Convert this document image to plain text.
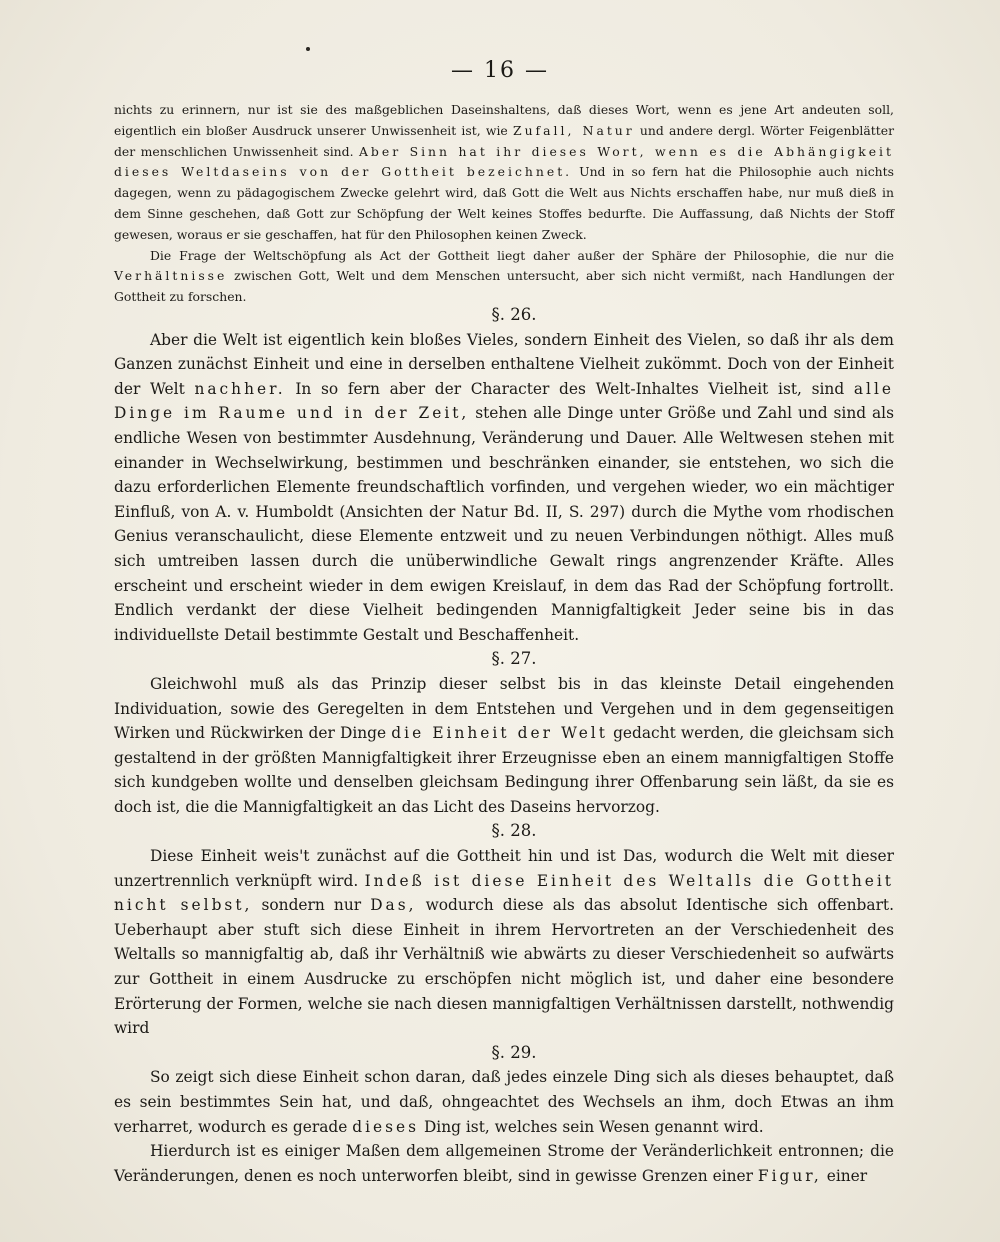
— 16 —

nichts zu erinnern, nur ist sie des maßgeblichen Daseinshaltens, daß dieses Wort, wenn es jene Art andeuten soll, eigentlich ein bloßer Ausdruck unserer Unwissenheit ist, wie Zufall, Natur und andere dergl. Wörter Feigenblätter der menschlichen Unwissenheit sind. Aber Sinn hat ihr dieses Wort, wenn es die Abhängigkeit dieses Weltdaseins von der Gottheit bezeichnet. Und in so fern hat die Philosophie auch nichts dagegen, wenn zu pädagogischem Zwecke gelehrt wird, daß Gott die Welt aus Nichts erschaffen habe, nur muß dieß in dem Sinne geschehen, daß Gott zur Schöpfung der Welt keines Stoffes bedurfte. Die Auffassung, daß Nichts der Stoff gewesen, woraus er sie geschaffen, hat für den Philosophen keinen Zweck.

Die Frage der Weltschöpfung als Act der Gottheit liegt daher außer der Sphäre der Philosophie, die nur die Verhältnisse zwischen Gott, Welt und dem Menschen untersucht, aber sich nicht vermißt, nach Handlungen der Gottheit zu forschen.

§. 26.

Aber die Welt ist eigentlich kein bloßes Vieles, sondern Einheit des Vielen, so daß ihr als dem Ganzen zunächst Einheit und eine in derselben enthaltene Vielheit zukömmt. Doch von der Einheit der Welt nachher. In so fern aber der Character des Welt-Inhaltes Vielheit ist, sind alle Dinge im Raume und in der Zeit, stehen alle Dinge unter Größe und Zahl und sind als endliche Wesen von bestimmter Ausdehnung, Veränderung und Dauer. Alle Weltwesen stehen mit einander in Wechselwirkung, bestimmen und beschränken einander, sie entstehen, wo sich die dazu erforderlichen Elemente freundschaftlich vorfinden, und vergehen wieder, wo ein mächtiger Einfluß, von A. v. Humboldt (Ansichten der Natur Bd. II, S. 297) durch die Mythe vom rhodischen Genius veranschaulicht, diese Elemente entzweit und zu neuen Verbindungen nöthigt. Alles muß sich umtreiben lassen durch die unüberwindliche Gewalt rings angrenzender Kräfte. Alles erscheint und erscheint wieder in dem ewigen Kreislauf, in dem das Rad der Schöpfung fortrollt. Endlich verdankt der diese Vielheit bedingenden Mannigfaltigkeit Jeder seine bis in das individuellste Detail bestimmte Gestalt und Beschaffenheit.

§. 27.

Gleichwohl muß als das Prinzip dieser selbst bis in das kleinste Detail eingehenden Individuation, sowie des Geregelten in dem Entstehen und Vergehen und in dem gegenseitigen Wirken und Rückwirken der Dinge die Einheit der Welt gedacht werden, die gleichsam sich gestaltend in der größten Mannigfaltigkeit ihrer Erzeugnisse eben an einem mannigfaltigen Stoffe sich kundgeben wollte und denselben gleichsam Bedingung ihrer Offenbarung sein läßt, da sie es doch ist, die die Mannigfaltigkeit an das Licht des Daseins hervorzog.

§. 28.

Diese Einheit weis't zunächst auf die Gottheit hin und ist Das, wodurch die Welt mit dieser unzertrennlich verknüpft wird. Indeß ist diese Einheit des Weltalls die Gottheit nicht selbst, sondern nur Das, wodurch diese als das absolut Identische sich offenbart. Ueberhaupt aber stuft sich diese Einheit in ihrem Hervortreten an der Verschiedenheit des Weltalls so mannigfaltig ab, daß ihr Verhältniß wie abwärts zu dieser Verschiedenheit so aufwärts zur Gottheit in einem Ausdrucke zu erschöpfen nicht möglich ist, und daher eine besondere Erörterung der Formen, welche sie nach diesen mannigfaltigen Verhältnissen darstellt, nothwendig wird

§. 29.

So zeigt sich diese Einheit schon daran, daß jedes einzele Ding sich als dieses behauptet, daß es sein bestimmtes Sein hat, und daß, ohngeachtet des Wechsels an ihm, doch Etwas an ihm verharret, wodurch es gerade dieses Ding ist, welches sein Wesen genannt wird.

Hierdurch ist es einiger Maßen dem allgemeinen Strome der Veränderlichkeit entronnen; die Veränderungen, denen es noch unterworfen bleibt, sind in gewisse Grenzen einer Figur, einer
